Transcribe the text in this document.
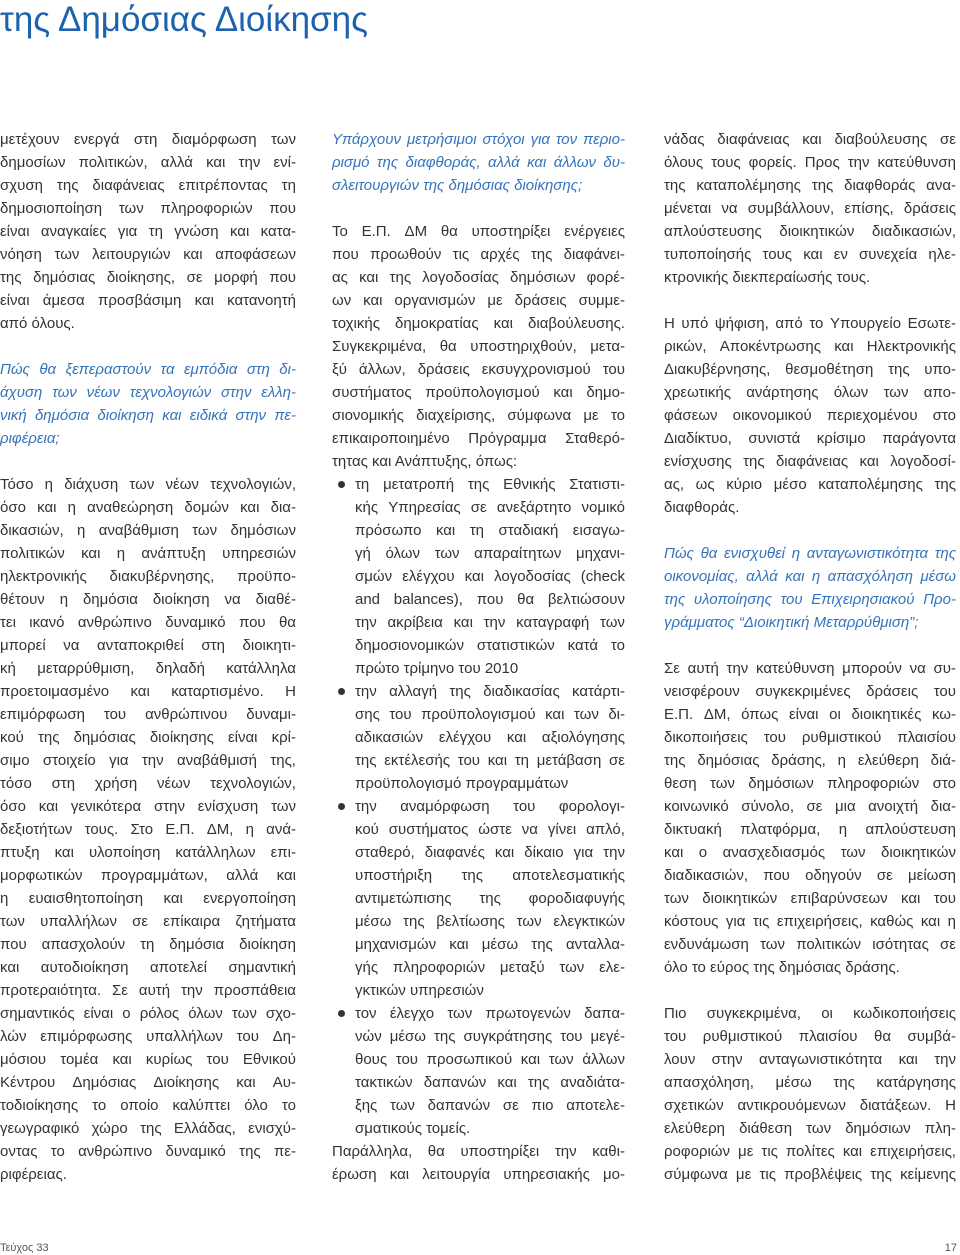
της Δημόσιας Διοίκησης
μετέχουν ενεργά στη διαμόρφωση των
δημοσίων πολιτικών, αλλά και την ενί-
σχυση της διαφάνειας επιτρέποντας τη
δημοσιοποίηση των πληροφοριών που
είναι αναγκαίες για τη γνώση και κατα-
νόηση των λειτουργιών και αποφάσεων
της δημόσιας διοίκησης, σε μορφή που
είναι άμεσα προσβάσιμη και κατανοητή
από όλους.
Πώς θα ξεπεραστούν τα εμπόδια στη δι-
άχυση των νέων τεχνολογιών στην ελλη-
νική δημόσια διοίκηση και ειδικά στην πε-
ριφέρεια;
Τόσο η διάχυση των νέων τεχνολογιών,
όσο και η αναθεώρηση δομών και δια-
δικασιών, η αναβάθμιση των δημόσιων
πολιτικών και η ανάπτυξη υπηρεσιών
ηλεκτρονικής διακυβέρνησης, προϋπο-
θέτουν η δημόσια διοίκηση να διαθέ-
τει ικανό ανθρώπινο δυναμικό που θα
μπορεί να ανταποκριθεί στη διοικητι-
κή μεταρρύθμιση, δηλαδή κατάλληλα
προετοιμασμένο και καταρτισμένο. Η
επιμόρφωση του ανθρώπινου δυναμι-
κού της δημόσιας διοίκησης είναι κρί-
σιμο στοιχείο για την αναβάθμισή της,
τόσο στη χρήση νέων τεχνολογιών,
όσο και γενικότερα στην ενίσχυση των
δεξιοτήτων τους. Στο Ε.Π. ΔΜ, η ανά-
πτυξη και υλοποίηση κατάλληλων επι-
μορφωτικών προγραμμάτων, αλλά και
η ευαισθητοποίηση και ενεργοποίηση
των υπαλλήλων σε επίκαιρα ζητήματα
που απασχολούν τη δημόσια διοίκηση
και αυτοδιοίκηση αποτελεί σημαντική
προτεραιότητα. Σε αυτή την προσπάθεια
σημαντικός είναι ο ρόλος όλων των σχο-
λών επιμόρφωσης υπαλλήλων του Δη-
μόσιου τομέα και κυρίως του Εθνικού
Κέντρου Δημόσιας Διοίκησης και Αυ-
τοδιοίκησης το οποίο καλύπτει όλο το
γεωγραφικό χώρο της Ελλάδας, ενισχύ-
οντας το ανθρώπινο δυναμικό της πε-
ριφέρειας.
Υπάρχουν μετρήσιμοι στόχοι για τον περιο-
ρισμό της διαφθοράς, αλλά και άλλων δυ-
σλειτουργιών της δημόσιας διοίκησης;
Το Ε.Π. ΔΜ θα υποστηρίξει ενέργειες
που προωθούν τις αρχές της διαφάνει-
ας και της λογοδοσίας δημόσιων φορέ-
ων και οργανισμών με δράσεις συμμε-
τοχικής δημοκρατίας και διαβούλευσης.
Συγκεκριμένα, θα υποστηριχθούν, μετα-
ξύ άλλων, δράσεις εκσυγχρονισμού του
συστήματος προϋπολογισμού και δημο-
σιονομικής διαχείρισης, σύμφωνα με το
επικαιροποιημένο Πρόγραμμα Σταθερό-
τητας και Ανάπτυξης, όπως:
τη μετατροπή της Εθνικής Στατιστι-
κής Υπηρεσίας σε ανεξάρτητο νομικό
πρόσωπο και τη σταδιακή εισαγω-
γή όλων των απαραίτητων μηχανι-
σμών ελέγχου και λογοδοσίας (check
and balances), που θα βελτιώσουν
την ακρίβεια και την καταγραφή των
δημοσιονομικών στατιστικών κατά το
πρώτο τρίμηνο του 2010
την αλλαγή της διαδικασίας κατάρτι-
σης του προϋπολογισμού και των δι-
αδικασιών ελέγχου και αξιολόγησης
της εκτέλεσής του και τη μετάβαση σε
προϋπολογισμό προγραμμάτων
την αναμόρφωση του φορολογι-
κού συστήματος ώστε να γίνει απλό,
σταθερό, διαφανές και δίκαιο για την
υποστήριξη της αποτελεσματικής
αντιμετώπισης της φοροδιαφυγής
μέσω της βελτίωσης των ελεγκτικών
μηχανισμών και μέσω της ανταλλα-
γής πληροφοριών μεταξύ των ελε-
γκτικών υπηρεσιών
τον έλεγχο των πρωτογενών δαπα-
νών μέσω της συγκράτησης του μεγέ-
θους του προσωπικού και των άλλων
τακτικών δαπανών και της αναδιάτα-
ξης των δαπανών σε πιο αποτελε-
σματικούς τομείς.
Παράλληλα, θα υποστηρίξει την καθι-
έρωση και λειτουργία υπηρεσιακής μο-
νάδας διαφάνειας και διαβούλευσης σε
όλους τους φορείς. Προς την κατεύθυνση
της καταπολέμησης της διαφθοράς ανα-
μένεται να συμβάλλουν, επίσης, δράσεις
απλούστευσης διοικητικών διαδικασιών,
τυποποίησής τους και εν συνεχεία ηλε-
κτρονικής διεκπεραίωσής τους.
Η υπό ψήφιση, από το Υπουργείο Εσωτε-
ρικών, Αποκέντρωσης και Ηλεκτρονικής
Διακυβέρνησης, θεσμοθέτηση της υπο-
χρεωτικής ανάρτησης όλων των απο-
φάσεων οικονομικού περιεχομένου στο
Διαδίκτυο, συνιστά κρίσιμο παράγοντα
ενίσχυσης της διαφάνειας και λογοδοσί-
ας, ως κύριο μέσο καταπολέμησης της
διαφθοράς.
Πώς θα ενισχυθεί η ανταγωνιστικότητα της
οικονομίας, αλλά και η απασχόληση μέσω
της υλοποίησης του Επιχειρησιακού Προ-
γράμματος “Διοικητική Μεταρρύθμιση”;
Σε αυτή την κατεύθυνση μπορούν να συ-
νεισφέρουν συγκεκριμένες δράσεις του
Ε.Π. ΔΜ, όπως είναι οι διοικητικές κω-
δικοποιήσεις του ρυθμιστικού πλαισίου
της δημόσιας δράσης, η ελεύθερη διά-
θεση των δημόσιων πληροφοριών στο
κοινωνικό σύνολο, σε μια ανοιχτή δια-
δικτυακή πλατφόρμα, η απλούστευση
και ο ανασχεδιασμός των διοικητικών
διαδικασιών, που οδηγούν σε μείωση
των διοικητικών επιβαρύνσεων και του
κόστους για τις επιχειρήσεις, καθώς και η
ενδυνάμωση των πολιτικών ισότητας σε
όλο το εύρος της δημόσιας δράσης.
Πιο συγκεκριμένα, οι κωδικοποιήσεις
του ρυθμιστικού πλαισίου θα συμβά-
λουν στην ανταγωνιστικότητα και την
απασχόληση, μέσω της κατάργησης
σχετικών αντικρουόμενων διατάξεων. Η
ελεύθερη διάθεση των δημόσιων πλη-
ροφοριών με τις πολίτες και επιχειρήσεις,
σύμφωνα με τις προβλέψεις της κείμενης
Τεύχος 33	17
